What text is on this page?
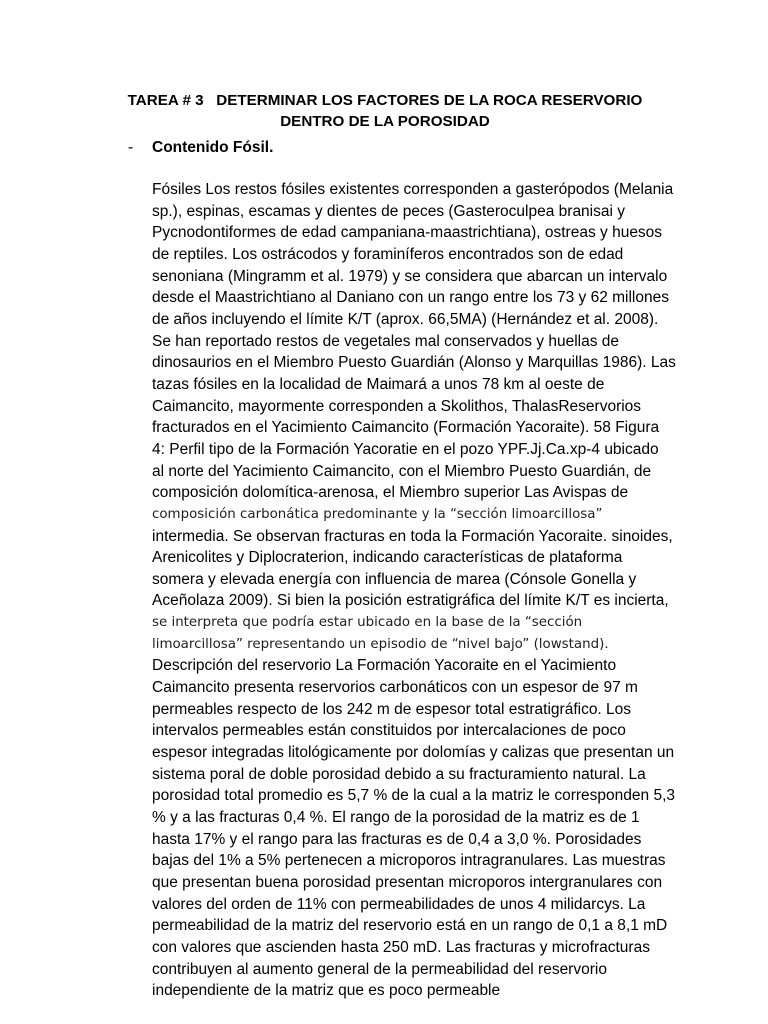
TAREA # 3   DETERMINAR LOS FACTORES DE LA ROCA RESERVORIO
DENTRO DE LA POROSIDAD
- Contenido Fósil.
Fósiles Los restos fósiles existentes corresponden a gasterópodos (Melania
sp.), espinas, escamas y dientes de peces (Gasteroculpea branisai y
Pycnodontiformes de edad campaniana-maastrichtiana), ostreas y huesos
de reptiles. Los ostrácodos y foraminíferos encontrados son de edad
senoniana (Mingramm et al. 1979) y se considera que abarcan un intervalo
desde el Maastrichtiano al Daniano con un rango entre los 73 y 62 millones
de años incluyendo el límite K/T (aprox. 66,5MA) (Hernández et al. 2008).
Se han reportado restos de vegetales mal conservados y huellas de
dinosaurios en el Miembro Puesto Guardián (Alonso y Marquillas 1986). Las
tazas fósiles en la localidad de Maimará a unos 78 km al oeste de
Caimancito, mayormente corresponden a Skolithos, ThalasReservorios
fracturados en el Yacimiento Caimancito (Formación Yacoraite). 58 Figura
4: Perfil tipo de la Formación Yacoratie en el pozo YPF.Jj.Ca.xp-4 ubicado
al norte del Yacimiento Caimancito, con el Miembro Puesto Guardián, de
composición dolomítica-arenosa, el Miembro superior Las Avispas de
composición carbonática predominante y la “sección limoarcillosa”
intermedia. Se observan fracturas en toda la Formación Yacoraite. sinoides,
Arenicolites y Diplocraterion, indicando características de plataforma
somera y elevada energía con influencia de marea (Cónsole Gonella y
Aceñolaza 2009). Si bien la posición estratigráfica del límite K/T es incierta,
se interpreta que podría estar ubicado en la base de la “sección
limoarcillosa” representando un episodio de “nivel bajo” (lowstand).
Descripción del reservorio La Formación Yacoraite en el Yacimiento
Caimancito presenta reservorios carbonáticos con un espesor de 97 m
permeables respecto de los 242 m de espesor total estratigráfico. Los
intervalos permeables están constituidos por intercalaciones de poco
espesor integradas litológicamente por dolomías y calizas que presentan un
sistema poral de doble porosidad debido a su fracturamiento natural. La
porosidad total promedio es 5,7 % de la cual a la matriz le corresponden 5,3
% y a las fracturas 0,4 %. El rango de la porosidad de la matriz es de 1
hasta 17% y el rango para las fracturas es de 0,4 a 3,0 %. Porosidades
bajas del 1% a 5% pertenecen a microporos intragranulares. Las muestras
que presentan buena porosidad presentan microporos intergranulares con
valores del orden de 11% con permeabilidades de unos 4 milidarcys. La
permeabilidad de la matriz del reservorio está en un rango de 0,1 a 8,1 mD
con valores que ascienden hasta 250 mD. Las fracturas y microfracturas
contribuyen al aumento general de la permeabilidad del reservorio
independiente de la matriz que es poco permeable
